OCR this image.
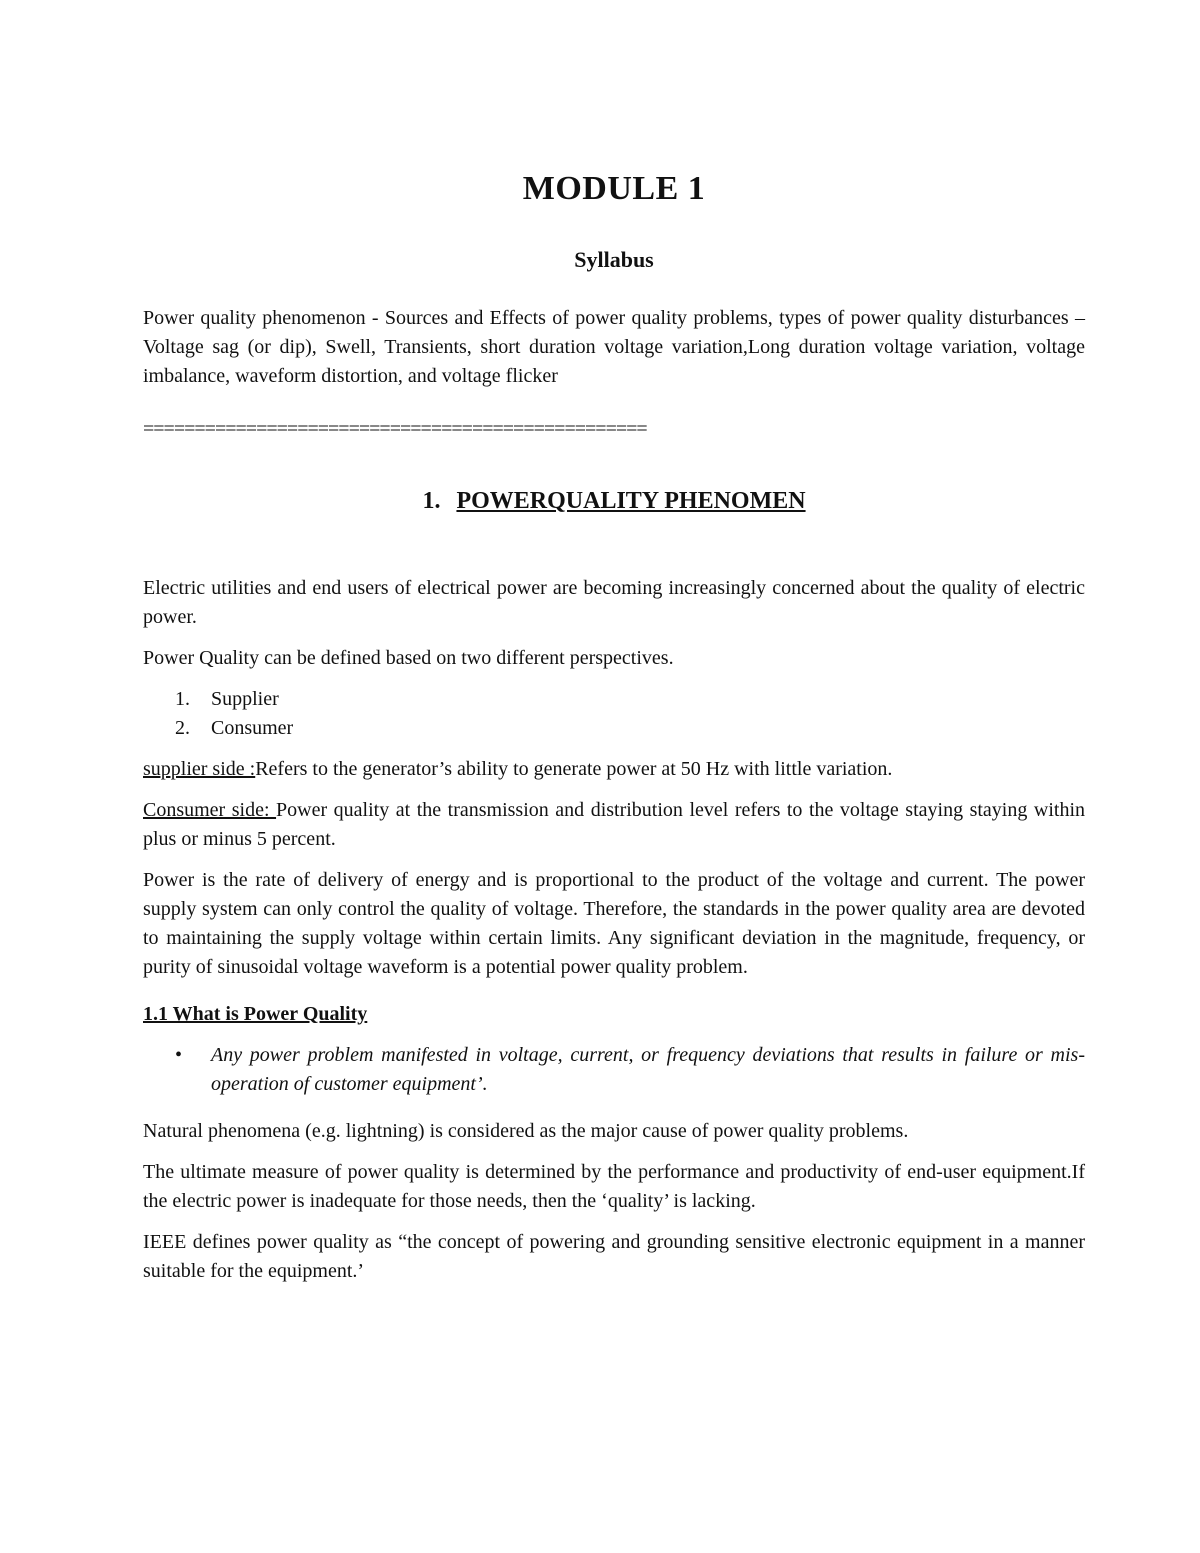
MODULE 1
Syllabus

Power quality phenomenon - Sources and Effects of power quality problems, types of power quality disturbances – Voltage sag (or dip), Swell, Transients, short duration voltage variation,Long duration voltage variation, voltage imbalance, waveform distortion, and voltage flicker

=================================================
1. POWERQUALITY PHENOMEN

Electric utilities and end users of electrical power are becoming increasingly concerned about the quality of electric power.

Power Quality can be defined based on two different perspectives.

1.	Supplier
2.	Consumer

supplier side :Refers to the generator’s ability to generate power at 50 Hz with little variation.

Consumer side: Power quality at the transmission and distribution level refers to the voltage staying staying within plus or minus 5 percent.

Power is the rate of delivery of energy and is proportional to the product of the voltage and current. The power supply system can only control the quality of voltage. Therefore, the standards in the power quality area are devoted to maintaining the supply voltage within certain limits. Any significant deviation in the magnitude, frequency, or purity of sinusoidal voltage waveform is a potential power quality problem.

1.1 What is Power Quality
•	Any power problem manifested in voltage, current, or frequency deviations that results in failure or mis-operation of customer equipment’.

Natural phenomena (e.g. lightning) is considered as the major cause of power quality problems.

The ultimate measure of power quality is determined by the performance and productivity of end-user equipment.If the electric power is inadequate for those needs, then the ‘quality’ is lacking.

IEEE defines power quality as “the concept of powering and grounding sensitive electronic equipment in a manner suitable for the equipment.’
